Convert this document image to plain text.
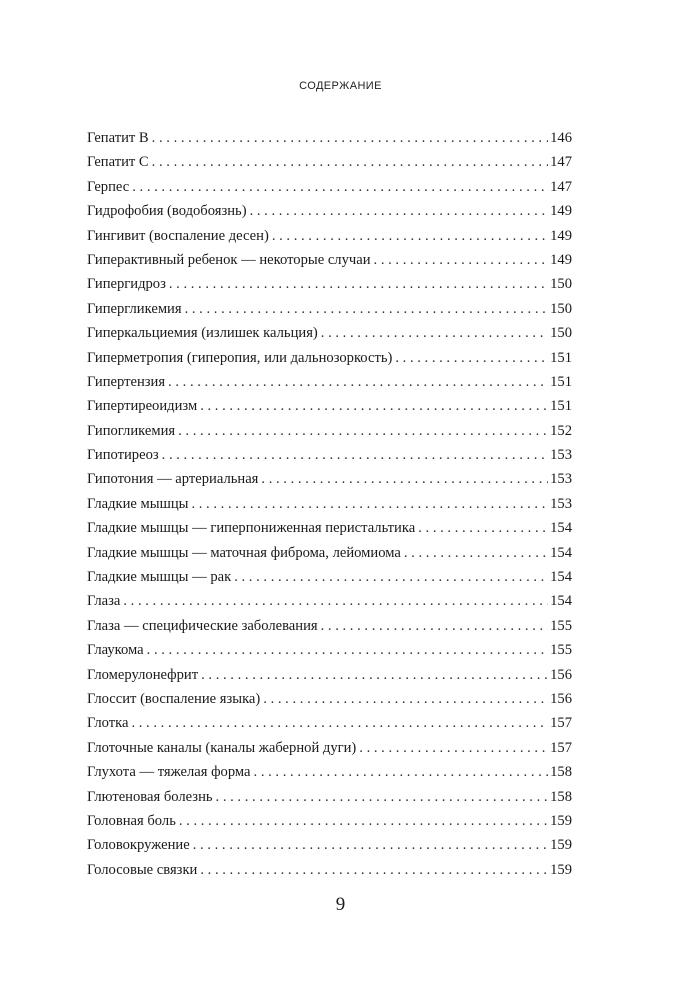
СОДЕРЖАНИЕ
Гепатит B . . .	146
Гепатит C . . .	147
Герпес . . .	147
Гидрофобия (водобоязнь) . . .	149
Гингивит (воспаление десен) . . .	149
Гиперактивный ребенок — некоторые случаи . . .	149
Гипергидроз . . .	150
Гипергликемия . . .	150
Гиперкальциемия (излишек кальция) . . .	150
Гиперметропия (гиперопия, или дальнозоркость) . . .	151
Гипертензия . . .	151
Гипертиреоидизм . . .	151
Гипогликемия . . .	152
Гипотиреоз . . .	153
Гипотония — артериальная . . .	153
Гладкие мышцы . . .	153
Гладкие мышцы — гиперпониженная перистальтика . . .	154
Гладкие мышцы — маточная фиброма, лейомиома . . .	154
Гладкие мышцы — рак . . .	154
Глаза . . .	154
Глаза — специфические заболевания . . .	155
Глаукома . . .	155
Гломерулонефрит . . .	156
Глоссит (воспаление языка) . . .	156
Глотка . . .	157
Глоточные каналы (каналы жаберной дуги) . . .	157
Глухота — тяжелая форма . . .	158
Глютеновая болезнь . . .	158
Головная боль . . .	159
Головокружение . . .	159
Голосовые связки . . .	159
9
